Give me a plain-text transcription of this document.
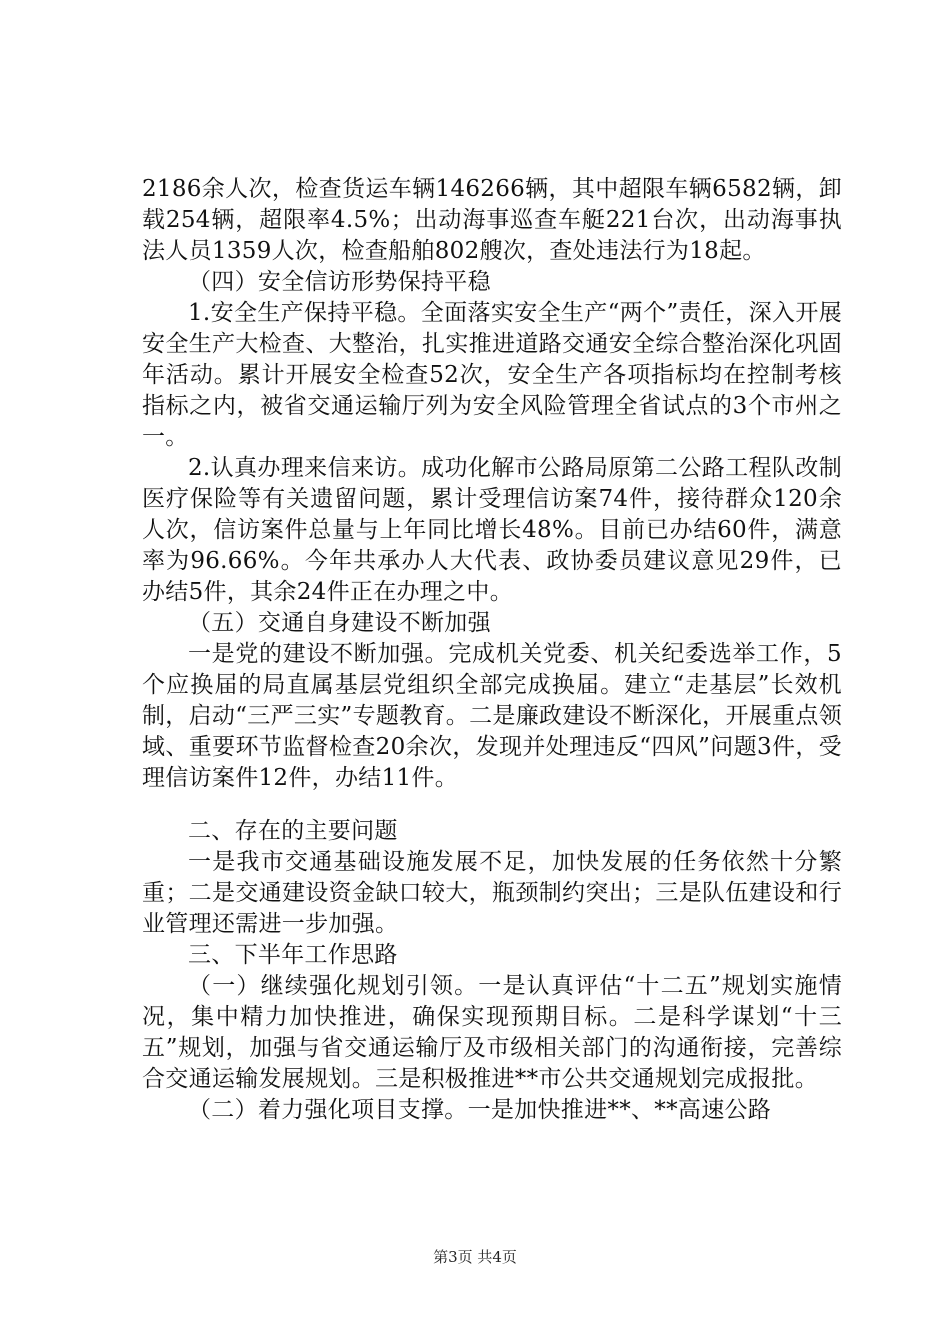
2186余人次，检查货运车辆146266辆，其中超限车辆6582辆，卸载254辆，超限率4.5%；出动海事巡查车艇221台次，出动海事执法人员1359人次，检查船舶802艘次，查处违法行为18起。

（四）安全信访形势保持平稳

1.安全生产保持平稳。全面落实安全生产“两个”责任，深入开展安全生产大检查、大整治，扎实推进道路交通安全综合整治深化巩固年活动。累计开展安全检查52次，安全生产各项指标均在控制考核指标之内，被省交通运输厅列为安全风险管理全省试点的3个市州之一。

2.认真办理来信来访。成功化解市公路局原第二公路工程队改制医疗保险等有关遗留问题，累计受理信访案74件，接待群众120余人次，信访案件总量与上年同比增长48%。目前已办结60件，满意率为96.66%。今年共承办人大代表、政协委员建议意见29件，已办结5件，其余24件正在办理之中。

（五）交通自身建设不断加强

一是党的建设不断加强。完成机关党委、机关纪委选举工作，5个应换届的局直属基层党组织全部完成换届。建立“走基层”长效机制，启动“三严三实”专题教育。二是廉政建设不断深化，开展重点领域、重要环节监督检查20余次，发现并处理违反“四风”问题3件，受理信访案件12件，办结11件。

二、存在的主要问题

一是我市交通基础设施发展不足，加快发展的任务依然十分繁重；二是交通建设资金缺口较大，瓶颈制约突出；三是队伍建设和行业管理还需进一步加强。

三、下半年工作思路

（一）继续强化规划引领。一是认真评估“十二五”规划实施情况，集中精力加快推进，确保实现预期目标。二是科学谋划“十三五”规划，加强与省交通运输厅及市级相关部门的沟通衔接，完善综合交通运输发展规划。三是积极推进**市公共交通规划完成报批。

（二）着力强化项目支撑。一是加快推进**、**高速公路

第3页 共4页
